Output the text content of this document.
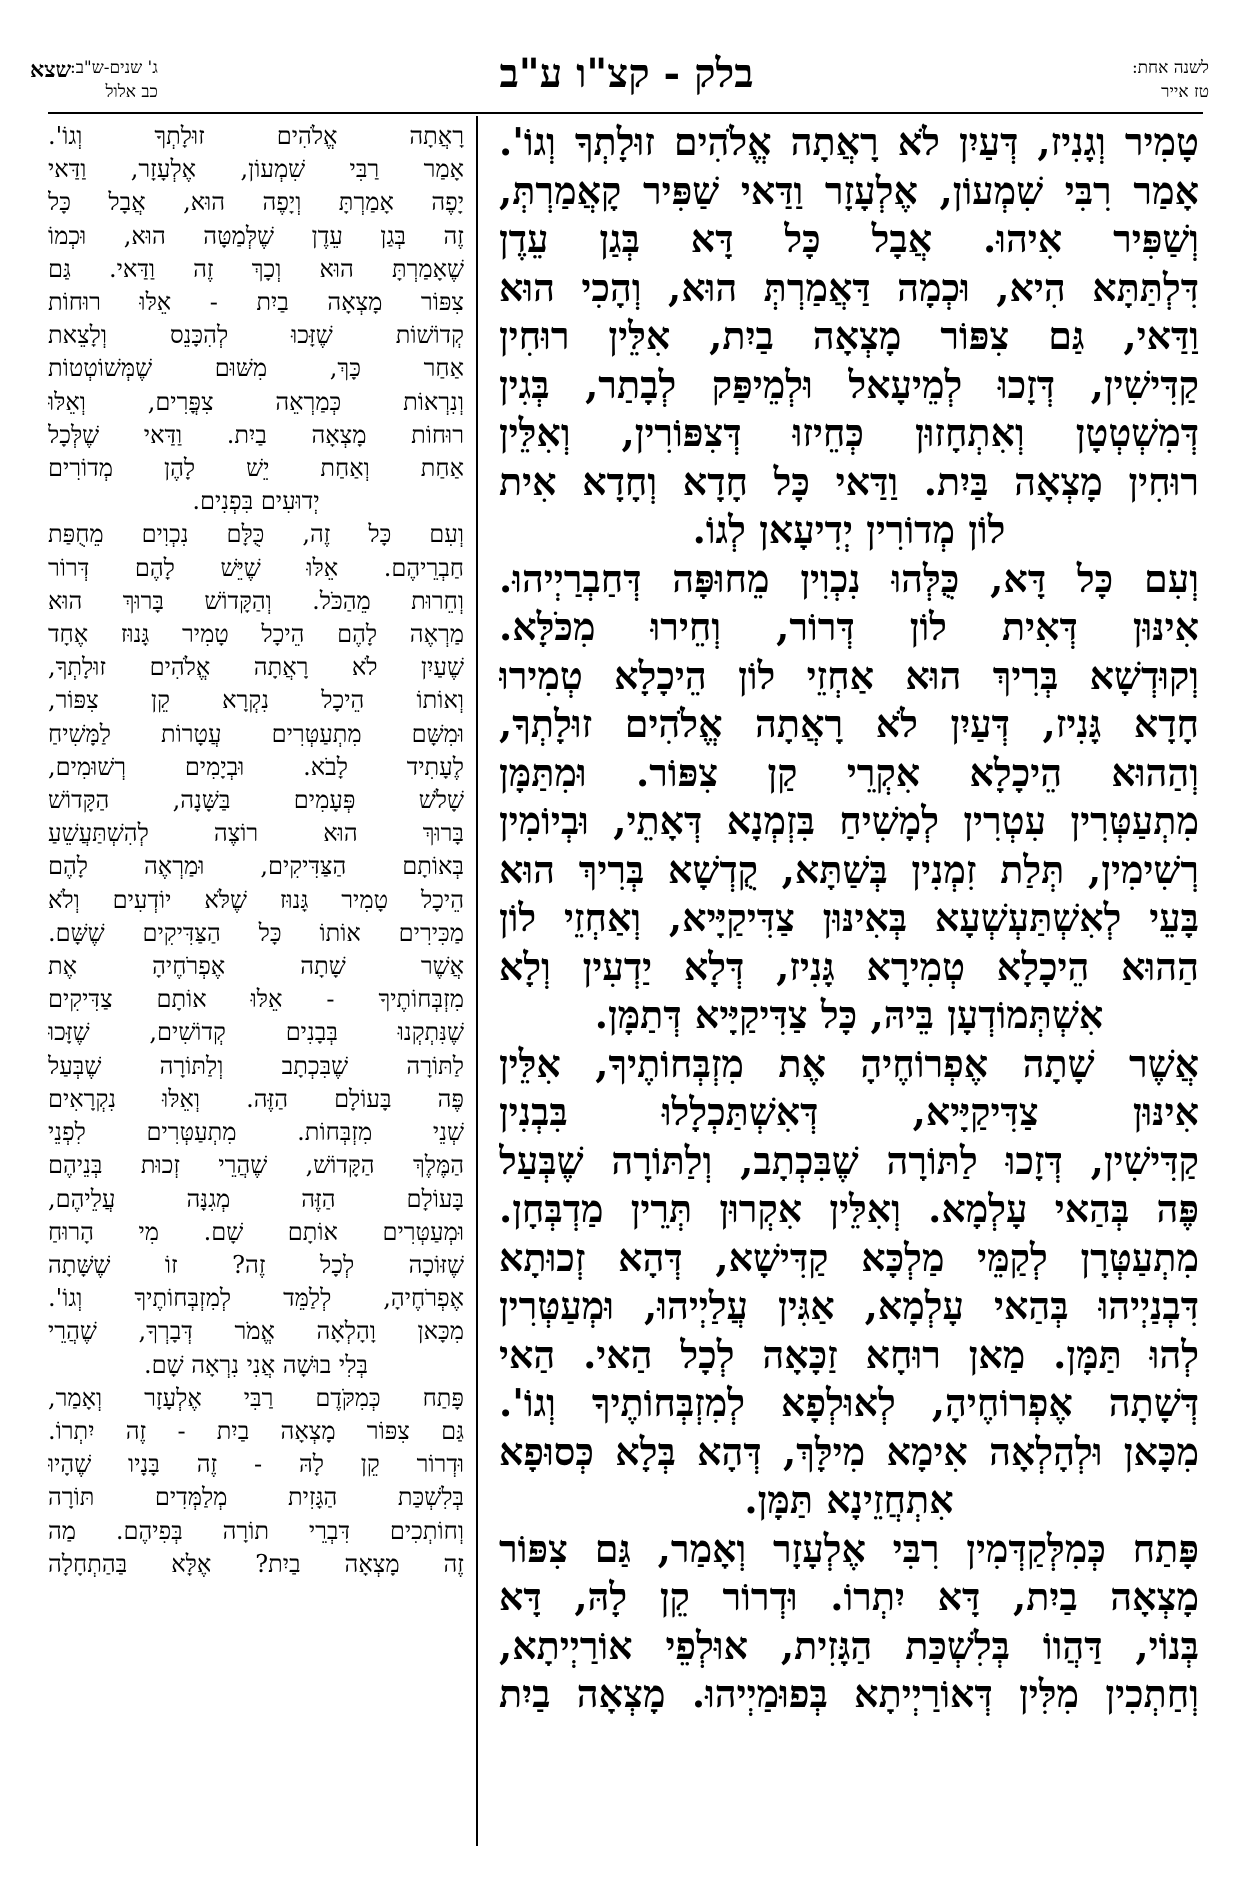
בלק - קצ"ו ע"ב	לשנה אחת:
טז אייר
ג' שנים-ש"ב:
כב אלול
שצא
טָמִיר וְגָנִיז, דְּעַיִן לֹא רָאֲתָה אֱלֹהִים זוּלָתְךָ וְגוֹ'.
אָמַר רִבִּי שִׁמְעוֹן, אֶלְעָזָר וַדַּאי שַׁפִּיר קָאֲמַרְתְּ,
וְשַׁפִּיר אִיהוּ. אֲבָל כָּל דָּא בְּגַן עֵדֶן
דִּלְתַּתָּא הִיא, וּכְמָה דַּאֲמַרְתְּ הוּא, וְהָכִי הוּא
וַדַּאי, גַּם צִפּוֹר מָצְאָה בַיִת, אִלֵּין רוּחִין
קַדִּישִׁין, דְּזָכוּ לְמֵיעָאל וּלְמֵיפַּק לְבָתַר, בְּגִין
דְּמִשְׁטְטָן וְאִתְחָזוּן כְּחֵיזוּ דְּצִפּוֹרִין, וְאִלֵּין
רוּחִין מָצְאָה בַּיִת. וַדַּאי כָּל חָדָא וְחָדָא אִית
לוֹן מְדוֹרִין יְדִיעָאן לְגוֹ.
וְעִם כָּל דָּא, כֻּלְּהוּ נִכְוִין מֵחוּפָּה דְּחַבְרַיְיהוּ.
אִינּוּן דְּאִית לוֹן דְּרוֹר, וְחֵירוּ מִכֹּלָּא.
וְקוּדְשָׁא בְּרִיךְ הוּא אַחְזֵי לוֹן הֵיכָלָא טְמִירוּ
חָדָא גָּנִיז, דְּעַיִן לֹא רָאֲתָה אֱלֹהִים זוּלָתְךָ,
וְהַהוּא הֵיכָלָא אִקְרֵי קַן צִפּוֹר. וּמִתַּמָּן
מִתְעַטְּרִין עִטְרִין לְמָשִׁיחַ בִּזְמְנָא דְּאָתֵי, וּבְיוֹמִין
רְשִׁימִין, תְּלַת זִמְנִין בְּשַׁתָּא, קֻדְשָׁא בְּרִיךְ הוּא
בָּעֵי לְאִשְׁתַּעְשְׁעָא בְּאִינּוּן צַדִּיקַיָּיא, וְאַחְזֵי לוֹן
הַהוּא הֵיכָלָא טְמִירָא גָּנִיז, דְּלָא יַדְעִין וְלָא
אִשְׁתְּמוֹדְעָן בֵּיהּ, כָּל צַדִּיקַיָּיא דְּתַמָּן.
אֲשֶׁר שָׁתָה אֶפְרוֹחֶיהָ אֶת מִזְבְּחוֹתֶיךָ, אִלֵּין
אִינּוּן צַדִּיקַיָּיא, דְּאִשְׁתַּכְלָלוּ בִּבְנִין
קַדִּישִׁין, דְּזָכוּ לַתּוֹרָה שֶׁבִּכְתָב, וְלַתּוֹרָה שֶׁבְּעַל
פֶּה בְּהַאי עָלְמָא. וְאִלֵּין אִקְרוּן תְּרֵין מַדְבְּחָן.
מִתְעַטְּרָן לְקַמֵּי מַלְכָּא קַדִּישָׁא, דְּהָא זְכוּתָא
דִּבְנַיְיהוּ בְּהַאי עָלְמָא, אַגִּין עֲלַיְיהוּ, וּמְעַטְּרִין
לְהוּ תַּמָּן. מַאן רוּחָא זַכָּאָה לְכָל הַאי. הַאי
דְּשָׁתָה אֶפְרוֹחֶיהָ, לְאוּלְפָא לְמִזְבְּחוֹתֶיךָ וְגוֹ'.
מִכָּאן וּלְהָלְאָה אִימָא מִילָּךְ, דְּהָא בְּלָא כְּסוּפָא
אִתְחֲזֵינָא תַּמָּן.
פָּתַח כְּמִלְּקַדְּמִין רִבִּי אֶלְעָזָר וְאָמַר, גַּם צִפּוֹר
מָצְאָה בַיִת, דָּא יִתְרוֹ. וּדְרוֹר קֵן לָהּ, דָּא
בְּנוֹי, דַּהֲווֹ בְּלִשְׁכַּת הַגָּזִית, אוּלְפֵי אוֹרַיְיתָא,
וְחַתְכִין מִלִּין דְּאוֹרַיְיתָא בְּפוּמַיְיהוּ. מָצְאָה בַיִת
רָאֲתָה אֱלֹהִים זוּלָתְךָ וְגוֹ'.
אָמַר רַבִּי שִׁמְעוֹן, אֶלְעָזָר, וַדַּאי
יָפֶה אָמַרְתָּ וְיָפֶה הוּא, אֲבָל כָּל
זֶה בְּגַן עֵדֶן שֶׁלְּמַטָּה הוּא, וּכְמוֹ
שֶׁאָמַרְתָּ הוּא וְכָךְ זֶה וַדַּאי. גַּם
צִפּוֹר מָצְאָה בַיִת - אֵלּוּ רוּחוֹת
קְדוֹשׁוֹת שֶׁזָּכוּ לְהִכָּנֵס וְלָצֵאת
אַחַר כָּךְ, מִשּׁוּם שֶׁמְּשׁוֹטְטוֹת
וְנִרְאוֹת כְּמַרְאֵה צִפֳּרִים, וְאֵלּוּ
רוּחוֹת מָצְאָה בַיִת. וַדַּאי שֶׁלְּכָל
אַחַת וְאַחַת יֵשׁ לָהֶן מְדוֹרִים
יְדוּעִים בִּפְנִים.
וְעִם כָּל זֶה, כֻּלָּם נִכְוִים מֵחֻפַּת
חַבְרֵיהֶם. אֵלּוּ שֶׁיֵּשׁ לָהֶם דְּרוֹר
וְחֵרוּת מֵהַכֹּל. וְהַקָּדוֹשׁ בָּרוּךְ הוּא
מַרְאֶה לָהֶם הֵיכָל טָמִיר גָּנוּז אֶחָד
שֶׁעַיִן לֹא רָאֲתָה אֱלֹהִים זוּלָתְךָ,
וְאוֹתוֹ הֵיכָל נִקְרָא קֵן צִפּוֹר,
וּמִשָּׁם מִתְעַטְּרִים עֲטָרוֹת לַמָּשִׁיחַ
לֶעָתִיד לָבֹא. וּבְיָמִים רְשׁוּמִים,
שָׁלֹשׁ פְּעָמִים בַּשָּׁנָה, הַקָּדוֹשׁ
בָּרוּךְ הוּא רוֹצֶה לְהִשְׁתַּעֲשֵׁעַ
בְּאוֹתָם הַצַּדִּיקִים, וּמַרְאֶה לָהֶם
הֵיכָל טָמִיר גָּנוּז שֶׁלֹּא יוֹדְעִים וְלֹא
מַכִּירִים אוֹתוֹ כָּל הַצַּדִּיקִים שֶׁשָּׁם.
אֲשֶׁר שָׁתָה אֶפְרֹחֶיהָ אֶת
מִזְבְּחוֹתֶיךָ - אֵלּוּ אוֹתָם צַדִּיקִים
שֶׁנִּתְקְנוּ בְּבָנִים קְדוֹשִׁים, שֶׁזָּכוּ
לַתּוֹרָה שֶׁבִּכְתָב וְלַתּוֹרָה שֶׁבְּעַל
פֶּה בָּעוֹלָם הַזֶּה. וְאֵלּוּ נִקְרָאִים
שְׁנֵי מִזְבְּחוֹת. מִתְעַטְּרִים לִפְנֵי
הַמֶּלֶךְ הַקָּדוֹשׁ, שֶׁהֲרֵי זְכוּת בְּנֵיהֶם
בָּעוֹלָם הַזֶּה מְגִנָּה עֲלֵיהֶם,
וּמְעַטְּרִים אוֹתָם שָׁם. מִי הָרוּחַ
שֶׁזּוֹכָה לְכָל זֶה? זוֹ שֶׁשָּׁתָה
אֶפְרֹחֶיהָ, לְלַמֵּד לְמִזְבְּחוֹתֶיךָ וְגוֹ'.
מִכָּאן וָהָלְאָה אֱמֹר דְּבָרְךָ, שֶׁהֲרֵי
בְּלִי בוּשָׁה אֲנִי נִרְאָה שָׁם.
פָּתַח כְּמִקֹּדֶם רַבִּי אֶלְעָזָר וְאָמַר,
גַּם צִפּוֹר מָצְאָה בַיִת - זֶה יִתְרוֹ.
וּדְרוֹר קֵן לָהּ - זֶה בָּנָיו שֶׁהָיוּ
בְּלִשְׁכַּת הַגָּזִית מְלַמְּדִים תּוֹרָה
וְחוֹתְכִים דִּבְרֵי תוֹרָה בְּפִיהֶם. מַה
זֶה מָצְאָה בַיִת? אֶלָּא בַּהַתְחָלָה
